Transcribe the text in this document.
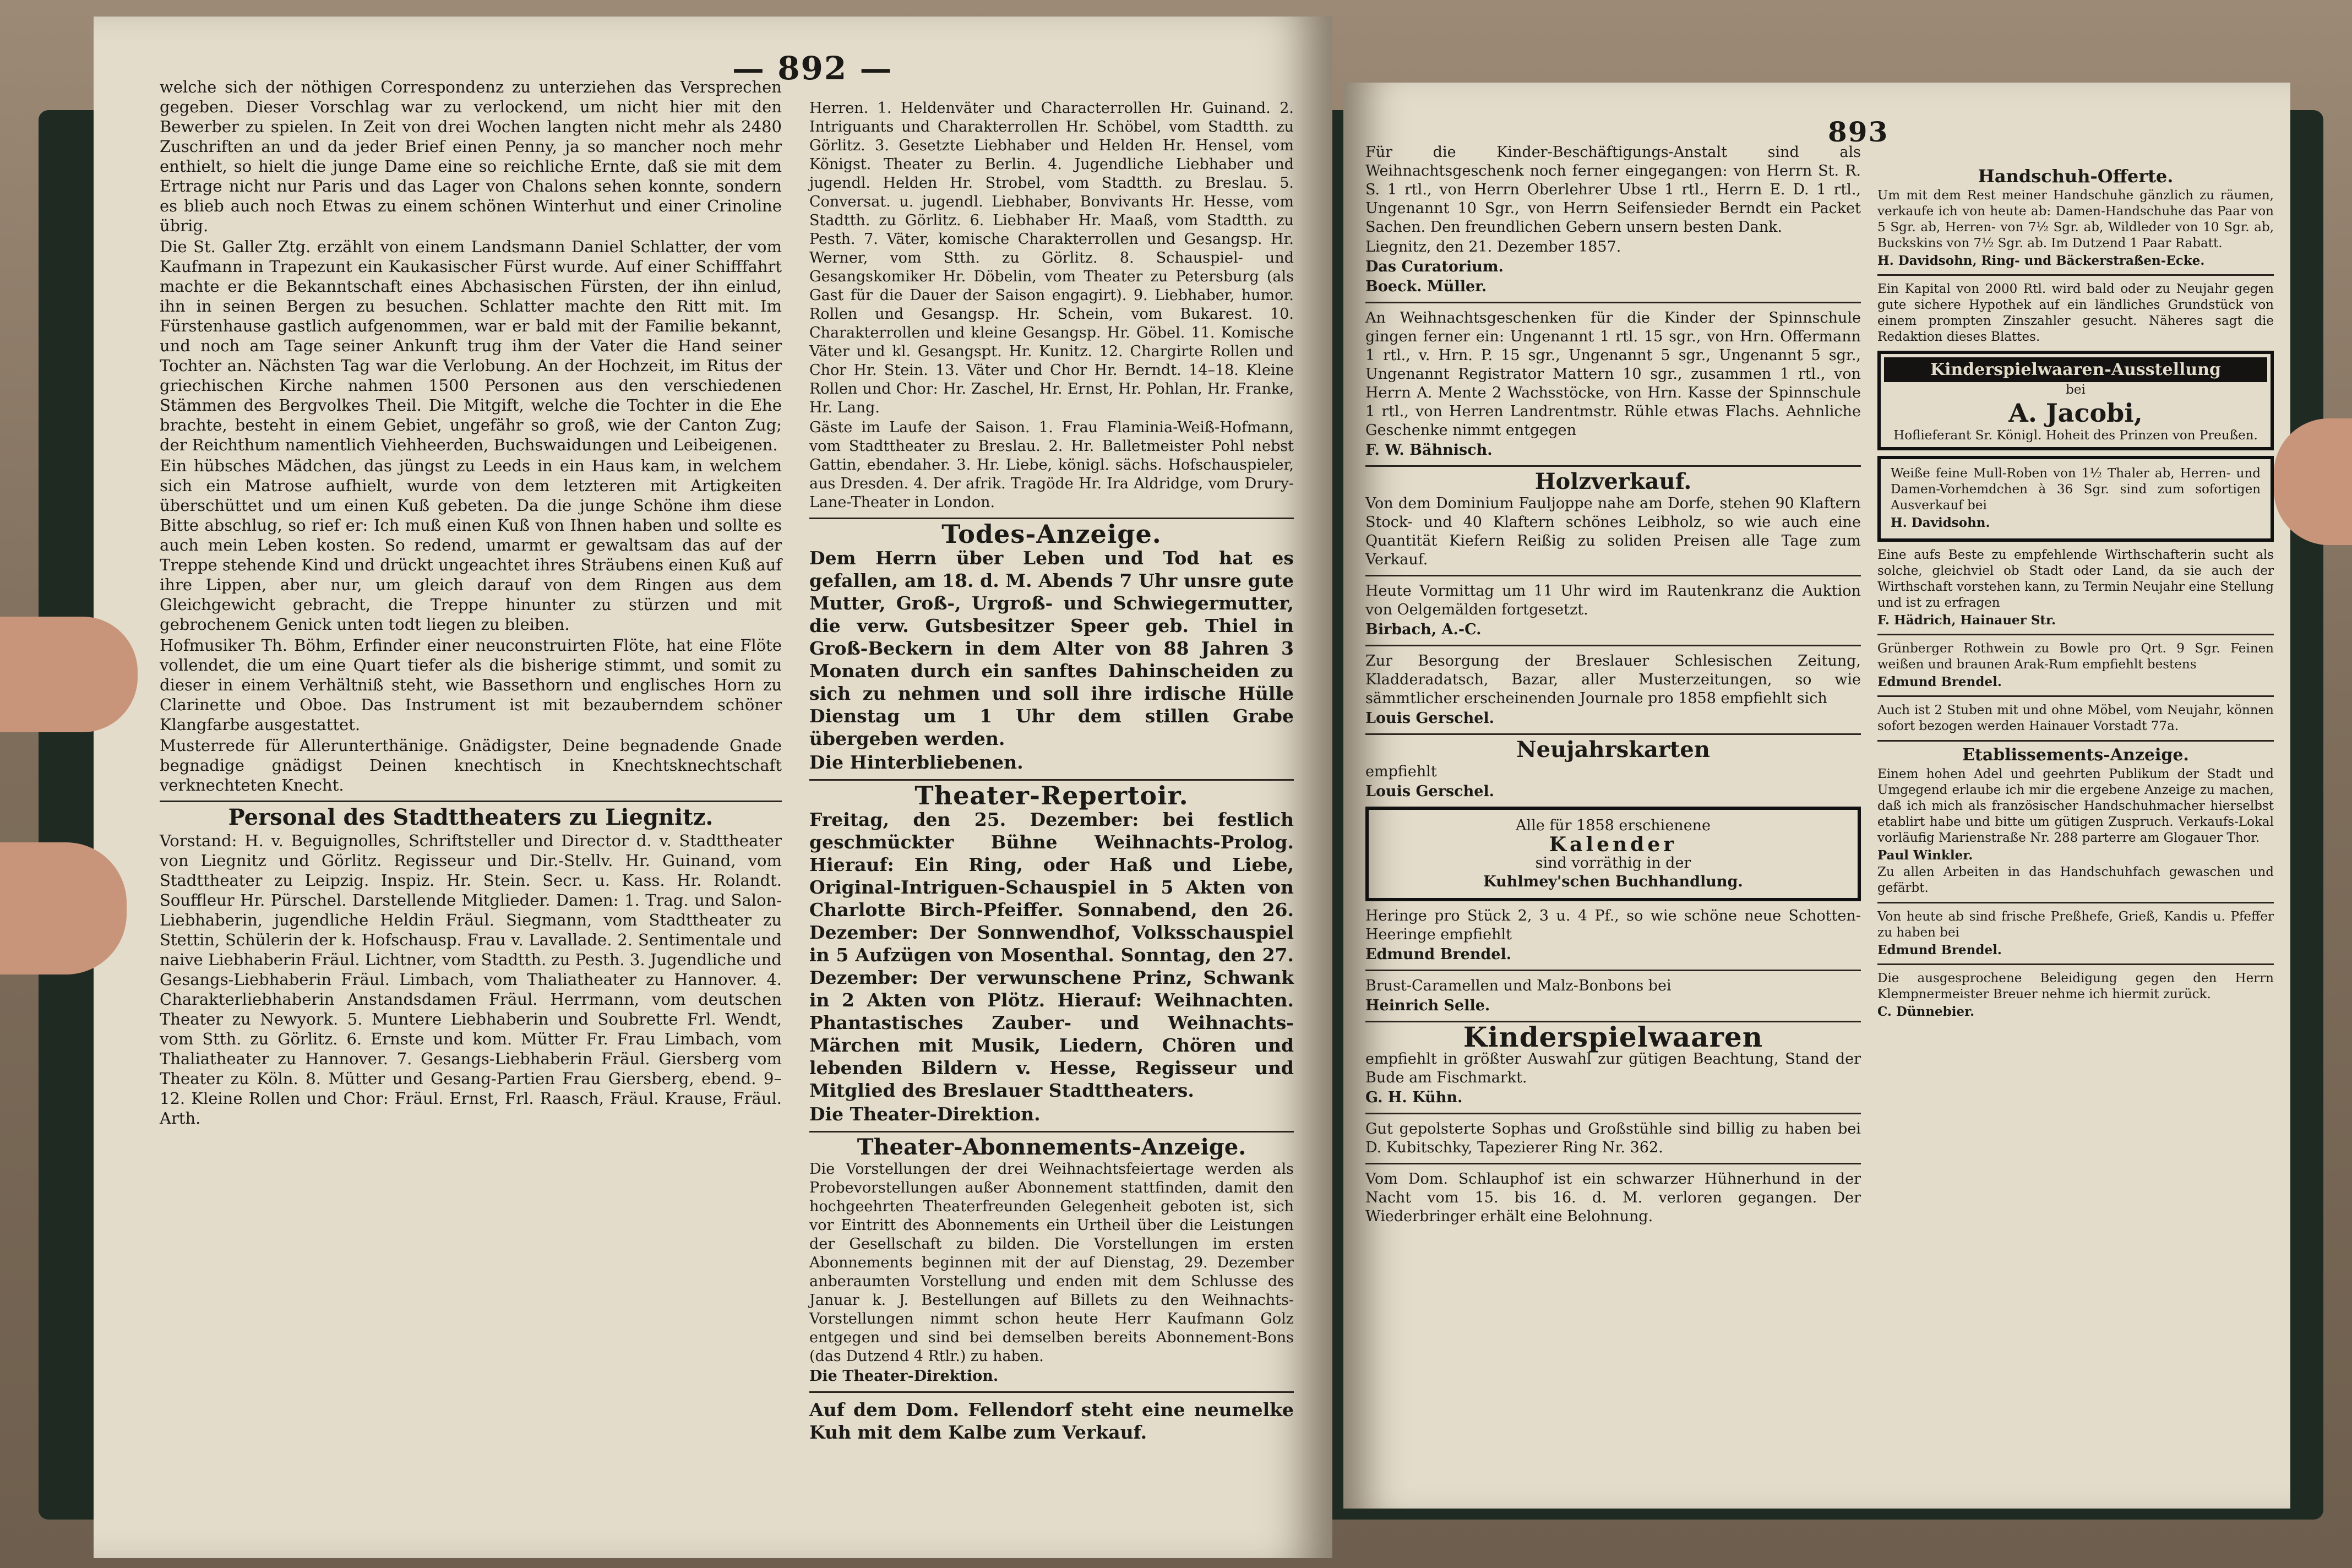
— 892 —

welche sich der nöthigen Correspondenz zu unterziehen das Versprechen gegeben. Dieser Vorschlag war zu verlockend, um nicht hier mit den Bewerber zu spielen. In Zeit von drei Wochen langten nicht mehr als 2480 Zuschriften an und da jeder Brief einen Penny, ja so mancher noch mehr enthielt, so hielt die junge Dame eine so reichliche Ernte, daß sie mit dem Ertrage nicht nur Paris und das Lager von Chalons sehen konnte, sondern es blieb auch noch Etwas zu einem schönen Winterhut und einer Crinoline übrig.

Die St. Galler Ztg. erzählt von einem Landsmann Daniel Schlatter, der vom Kaufmann in Trapezunt ein Kaukasischer Fürst wurde. Auf einer Schifffahrt machte er die Bekanntschaft eines Abchasischen Fürsten, der ihn einlud, ihn in seinen Bergen zu besuchen. Schlatter machte den Ritt mit. Im Fürstenhause gastlich aufgenommen, war er bald mit der Familie bekannt, und noch am Tage seiner Ankunft trug ihm der Vater die Hand seiner Tochter an. Nächsten Tag war die Verlobung. An der Hochzeit, im Ritus der griechischen Kirche nahmen 1500 Personen aus den verschiedenen Stämmen des Bergvolkes Theil. Die Mitgift, welche die Tochter in die Ehe brachte, besteht in einem Gebiet, ungefähr so groß, wie der Canton Zug; der Reichthum namentlich Viehheerden, Buchswaidungen und Leibeigenen.

Ein hübsches Mädchen, das jüngst zu Leeds in ein Haus kam, in welchem sich ein Matrose aufhielt, wurde von dem letzteren mit Artigkeiten überschüttet und um einen Kuß gebeten. Da die junge Schöne ihm diese Bitte abschlug, so rief er: Ich muß einen Kuß von Ihnen haben und sollte es auch mein Leben kosten. So redend, umarmt er gewaltsam das auf der Treppe stehende Kind und drückt ungeachtet ihres Sträubens einen Kuß auf ihre Lippen, aber nur, um gleich darauf von dem Ringen aus dem Gleichgewicht gebracht, die Treppe hinunter zu stürzen und mit gebrochenem Genick unten todt liegen zu bleiben.

Hofmusiker Th. Böhm, Erfinder einer neuconstruirten Flöte, hat eine Flöte vollendet, die um eine Quart tiefer als die bisherige stimmt, und somit zu dieser in einem Verhältniß steht, wie Bassethorn und englisches Horn zu Clarinette und Oboe. Das Instrument ist mit bezauberndem schöner Klangfarbe ausgestattet.

Musterrede für Allerunterthänige. Gnädigster, Deine begnadende Gnade begnadige gnädigst Deinen knechtisch in Knechtsknechtschaft verknechteten Knecht.

Personal des Stadttheaters zu Liegnitz.

Vorstand: H. v. Beguignolles, Schriftsteller und Director d. v. Stadttheater von Liegnitz und Görlitz. Regisseur und Dir.-Stellv. Hr. Guinand, vom Stadttheater zu Leipzig. Inspiz. Hr. Stein. Secr. u. Kass. Hr. Rolandt. Souffleur Hr. Pürschel. Darstellende Mitglieder. Damen: 1. Trag. und Salon-Liebhaberin, jugendliche Heldin Fräul. Siegmann, vom Stadttheater zu Stettin, Schülerin der k. Hofschausp. Frau v. Lavallade. 2. Sentimentale und naive Liebhaberin Fräul. Lichtner, vom Stadtth. zu Pesth. 3. Jugendliche und Gesangs-Liebhaberin Fräul. Limbach, vom Thaliatheater zu Hannover. 4. Charakterliebhaberin Anstandsdamen Fräul. Herrmann, vom deutschen Theater zu Newyork. 5. Muntere Liebhaberin und Soubrette Frl. Wendt, vom Stth. zu Görlitz. 6. Ernste und kom. Mütter Fr. Frau Limbach, vom Thaliatheater zu Hannover. 7. Gesangs-Liebhaberin Fräul. Giersberg vom Theater zu Köln. 8. Mütter und Gesang-Partien Frau Giersberg, ebend. 9–12. Kleine Rollen und Chor: Fräul. Ernst, Frl. Raasch, Fräul. Krause, Fräul. Arth.

Herren. 1. Heldenväter und Characterrollen Hr. Guinand. 2. Intriguants und Charakterrollen Hr. Schöbel, vom Stadtth. zu Görlitz. 3. Gesetzte Liebhaber und Helden Hr. Hensel, vom Königst. Theater zu Berlin. 4. Jugendliche Liebhaber und jugendl. Helden Hr. Strobel, vom Stadtth. zu Breslau. 5. Conversat. u. jugendl. Liebhaber, Bonvivants Hr. Hesse, vom Stadtth. zu Görlitz. 6. Liebhaber Hr. Maaß, vom Stadtth. zu Pesth. 7. Väter, komische Charakterrollen und Gesangsp. Hr. Werner, vom Stth. zu Görlitz. 8. Schauspiel- und Gesangskomiker Hr. Döbelin, vom Theater zu Petersburg (als Gast für die Dauer der Saison engagirt). 9. Liebhaber, humor. Rollen und Gesangsp. Hr. Schein, vom Bukarest. 10. Charakterrollen und kleine Gesangsp. Hr. Göbel. 11. Komische Väter und kl. Gesangspt. Hr. Kunitz. 12. Chargirte Rollen und Chor Hr. Stein. 13. Väter und Chor Hr. Berndt. 14–18. Kleine Rollen und Chor: Hr. Zaschel, Hr. Ernst, Hr. Pohlan, Hr. Franke, Hr. Lang.

Gäste im Laufe der Saison. 1. Frau Flaminia-Weiß-Hofmann, vom Stadttheater zu Breslau. 2. Hr. Balletmeister Pohl nebst Gattin, ebendaher. 3. Hr. Liebe, königl. sächs. Hofschauspieler, aus Dresden. 4. Der afrik. Tragöde Hr. Ira Aldridge, vom Drury-Lane-Theater in London.

Todes-Anzeige.

Dem Herrn über Leben und Tod hat es gefallen, am 18. d. M. Abends 7 Uhr unsre gute Mutter, Groß-, Urgroß- und Schwiegermutter, die verw. Gutsbesitzer Speer geb. Thiel in Groß-Beckern in dem Alter von 88 Jahren 3 Monaten durch ein sanftes Dahinscheiden zu sich zu nehmen und soll ihre irdische Hülle Dienstag um 1 Uhr dem stillen Grabe übergeben werden.

Die Hinterbliebenen.

Theater-Repertoir.

Freitag, den 25. Dezember: bei festlich geschmückter Bühne Weihnachts-Prolog. Hierauf: Ein Ring, oder Haß und Liebe, Original-Intriguen-Schauspiel in 5 Akten von Charlotte Birch-Pfeiffer. Sonnabend, den 26. Dezember: Der Sonnwendhof, Volksschauspiel in 5 Aufzügen von Mosenthal. Sonntag, den 27. Dezember: Der verwunschene Prinz, Schwank in 2 Akten von Plötz. Hierauf: Weihnachten. Phantastisches Zauber- und Weihnachts-Märchen mit Musik, Liedern, Chören und lebenden Bildern v. Hesse, Regisseur und Mitglied des Breslauer Stadttheaters.

Die Theater-Direktion.

Theater-Abonnements-Anzeige.

Die Vorstellungen der drei Weihnachtsfeiertage werden als Probevorstellungen außer Abonnement stattfinden, damit den hochgeehrten Theaterfreunden Gelegenheit geboten ist, sich vor Eintritt des Abonnements ein Urtheil über die Leistungen der Gesellschaft zu bilden. Die Vorstellungen im ersten Abonnements beginnen mit der auf Dienstag, 29. Dezember anberaumten Vorstellung und enden mit dem Schlusse des Januar k. J. Bestellungen auf Billets zu den Weihnachts-Vorstellungen nimmt schon heute Herr Kaufmann Golz entgegen und sind bei demselben bereits Abonnement-Bons (das Dutzend 4 Rtlr.) zu haben.

Die Theater-Direktion.

Auf dem Dom. Fellendorf steht eine neumelke Kuh mit dem Kalbe zum Verkauf.

893

Für die Kinder-Beschäftigungs-Anstalt sind als Weihnachtsgeschenk noch ferner eingegangen: von Herrn St. R. S. 1 rtl., von Herrn Oberlehrer Ubse 1 rtl., Herrn E. D. 1 rtl., Ungenannt 10 Sgr., von Herrn Seifensieder Berndt ein Packet Sachen. Den freundlichen Gebern unsern besten Dank.

Liegnitz, den 21. Dezember 1857.

Das Curatorium.

Boeck. Müller.

An Weihnachtsgeschenken für die Kinder der Spinnschule gingen ferner ein: Ungenannt 1 rtl. 15 sgr., von Hrn. Offermann 1 rtl., v. Hrn. P. 15 sgr., Ungenannt 5 sgr., Ungenannt 5 sgr., Ungenannt Registrator Mattern 10 sgr., zusammen 1 rtl., von Herrn A. Mente 2 Wachsstöcke, von Hrn. Kasse der Spinnschule 1 rtl., von Herren Landrentmstr. Rühle etwas Flachs. Aehnliche Geschenke nimmt entgegen

F. W. Bähnisch.

Holzverkauf.

Von dem Dominium Fauljoppe nahe am Dorfe, stehen 90 Klaftern Stock- und 40 Klaftern schönes Leibholz, so wie auch eine Quantität Kiefern Reißig zu soliden Preisen alle Tage zum Verkauf.

Heute Vormittag um 11 Uhr wird im Rautenkranz die Auktion von Oelgemälden fortgesetzt.

Birbach, A.-C.

Zur Besorgung der Breslauer Schlesischen Zeitung, Kladderadatsch, Bazar, aller Musterzeitungen, so wie sämmtlicher erscheinenden Journale pro 1858 empfiehlt sich

Louis Gerschel.

Neujahrskarten

empfiehlt

Louis Gerschel.

Alle für 1858 erschienene
Kalender
sind vorräthig in der
Kuhlmey'schen Buchhandlung.

Heringe pro Stück 2, 3 u. 4 Pf., so wie schöne neue Schotten-Heeringe empfiehlt

Edmund Brendel.

Brust-Caramellen und Malz-Bonbons bei

Heinrich Selle.

Kinderspielwaaren

empfiehlt in größter Auswahl zur gütigen Beachtung, Stand der Bude am Fischmarkt.

G. H. Kühn.

Gut gepolsterte Sophas und Großstühle sind billig zu haben bei D. Kubitschky, Tapezierer Ring Nr. 362.

Vom Dom. Schlauphof ist ein schwarzer Hühnerhund in der Nacht vom 15. bis 16. d. M. verloren gegangen. Der Wiederbringer erhält eine Belohnung.

Handschuh-Offerte.

Um mit dem Rest meiner Handschuhe gänzlich zu räumen, verkaufe ich von heute ab: Damen-Handschuhe das Paar von 5 Sgr. ab, Herren- von 7½ Sgr. ab, Wildleder von 10 Sgr. ab, Buckskins von 7½ Sgr. ab. Im Dutzend 1 Paar Rabatt.

H. Davidsohn, Ring- und Bäckerstraßen-Ecke.

Ein Kapital von 2000 Rtl. wird bald oder zu Neujahr gegen gute sichere Hypothek auf ein ländliches Grundstück von einem prompten Zinszahler gesucht. Näheres sagt die Redaktion dieses Blattes.

Kinderspielwaaren-Ausstellung
bei
A. Jacobi,
Hoflieferant Sr. Königl. Hoheit des Prinzen von Preußen.

Weiße feine Mull-Roben von 1½ Thaler ab, Herren- und Damen-Vorhemdchen à 36 Sgr. sind zum sofortigen Ausverkauf bei

H. Davidsohn.

Eine aufs Beste zu empfehlende Wirthschafterin sucht als solche, gleichviel ob Stadt oder Land, da sie auch der Wirthschaft vorstehen kann, zu Termin Neujahr eine Stellung und ist zu erfragen

F. Hädrich, Hainauer Str.

Grünberger Rothwein zu Bowle pro Qrt. 9 Sgr. Feinen weißen und braunen Arak-Rum empfiehlt bestens

Edmund Brendel.

Auch ist 2 Stuben mit und ohne Möbel, vom Neujahr, können sofort bezogen werden Hainauer Vorstadt 77a.

Etablissements-Anzeige.

Einem hohen Adel und geehrten Publikum der Stadt und Umgegend erlaube ich mir die ergebene Anzeige zu machen, daß ich mich als französischer Handschuhmacher hierselbst etablirt habe und bitte um gütigen Zuspruch. Verkaufs-Lokal vorläufig Marienstraße Nr. 288 parterre am Glogauer Thor.

Paul Winkler.

Zu allen Arbeiten in das Handschuhfach gewaschen und gefärbt.

Von heute ab sind frische Preßhefe, Grieß, Kandis u. Pfeffer zu haben bei

Edmund Brendel.

Die ausgesprochene Beleidigung gegen den Herrn Klempnermeister Breuer nehme ich hiermit zurück.

C. Dünnebier.
